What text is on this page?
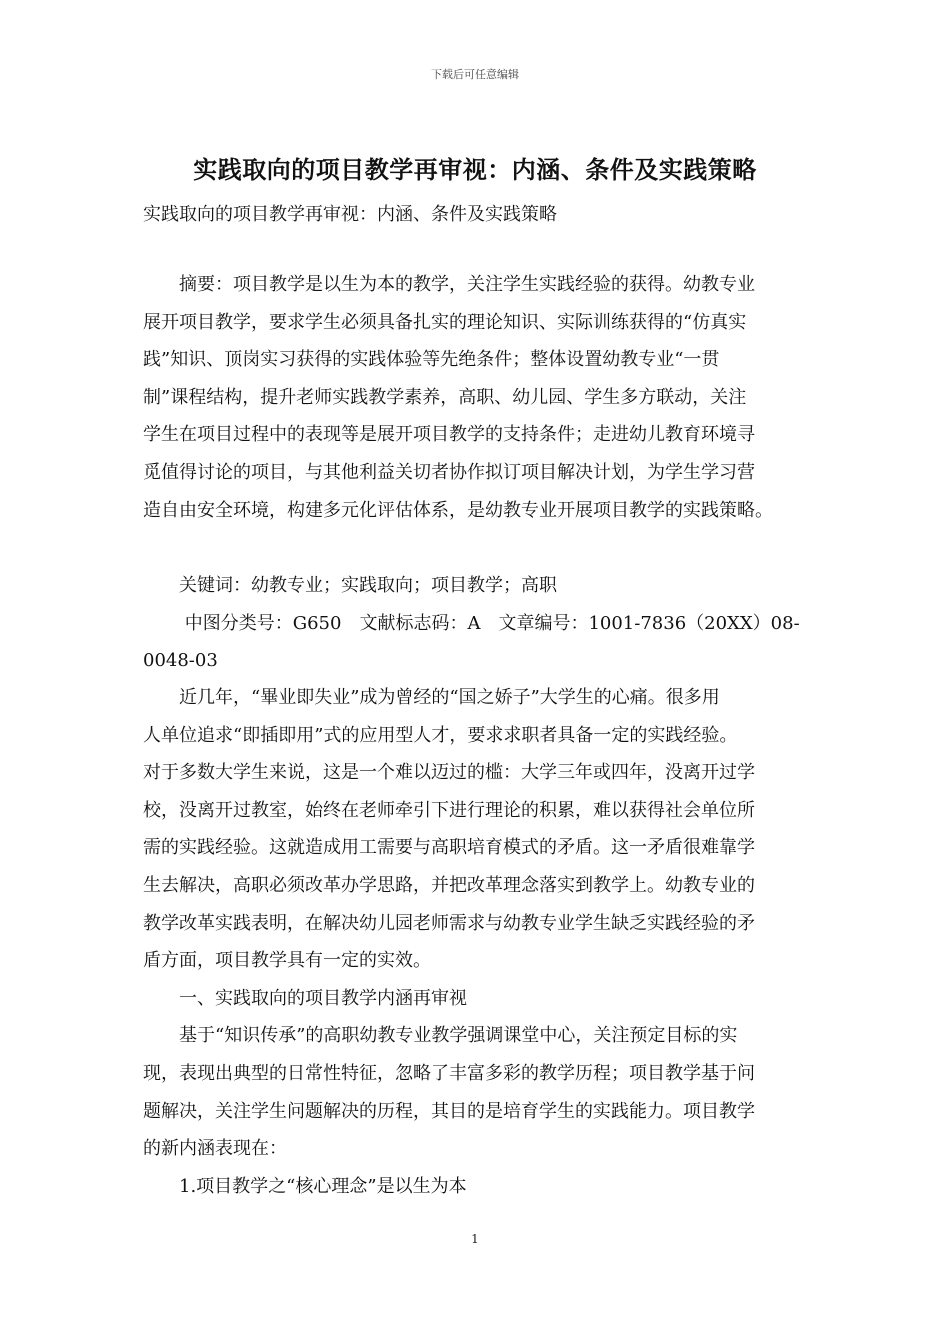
下载后可任意编辑
实践取向的项目教学再审视：内涵、条件及实践策略
实践取向的项目教学再审视：内涵、条件及实践策略
　　摘要：项目教学是以生为本的教学，关注学生实践经验的获得。幼教专业
展开项目教学，要求学生必须具备扎实的理论知识、实际训练获得的“仿真实
践”知识、顶岗实习获得的实践体验等先绝条件；整体设置幼教专业“一贯
制”课程结构，提升老师实践教学素养，高职、幼儿园、学生多方联动，关注
学生在项目过程中的表现等是展开项目教学的支持条件；走进幼儿教育环境寻
觅值得讨论的项目，与其他利益关切者协作拟订项目解决计划，为学生学习营
造自由安全环境，构建多元化评估体系，是幼教专业开展项目教学的实践策略。
　　关键词：幼教专业；实践取向；项目教学；高职
　　 中图分类号：G650　文献标志码：A　文章编号：1001-7836（20XX）08-
0048-03
　　近几年，“畢业即失业”成为曾经的“国之娇子”大学生的心痛。很多用
人单位追求“即插即用”式的应用型人才，要求求职者具备一定的实践经验。
对于多数大学生来说，这是一个难以迈过的槛：大学三年或四年，没离开过学
校，没离开过教室，始终在老师牵引下进行理论的积累，难以获得社会单位所
需的实践经验。这就造成用工需要与高职培育模式的矛盾。这一矛盾很难靠学
生去解决，高职必须改革办学思路，并把改革理念落实到教学上。幼教专业的
教学改革实践表明，在解决幼儿园老师需求与幼教专业学生缺乏实践经验的矛
盾方面，项目教学具有一定的实效。
　　一、实践取向的项目教学内涵再审视
　　基于“知识传承”的高职幼教专业教学强调课堂中心，关注预定目标的实
现，表现出典型的日常性特征，忽略了丰富多彩的教学历程；项目教学基于问
题解决，关注学生问题解决的历程，其目的是培育学生的实践能力。项目教学
的新内涵表现在：
　　1.项目教学之“核心理念”是以生为本
1
